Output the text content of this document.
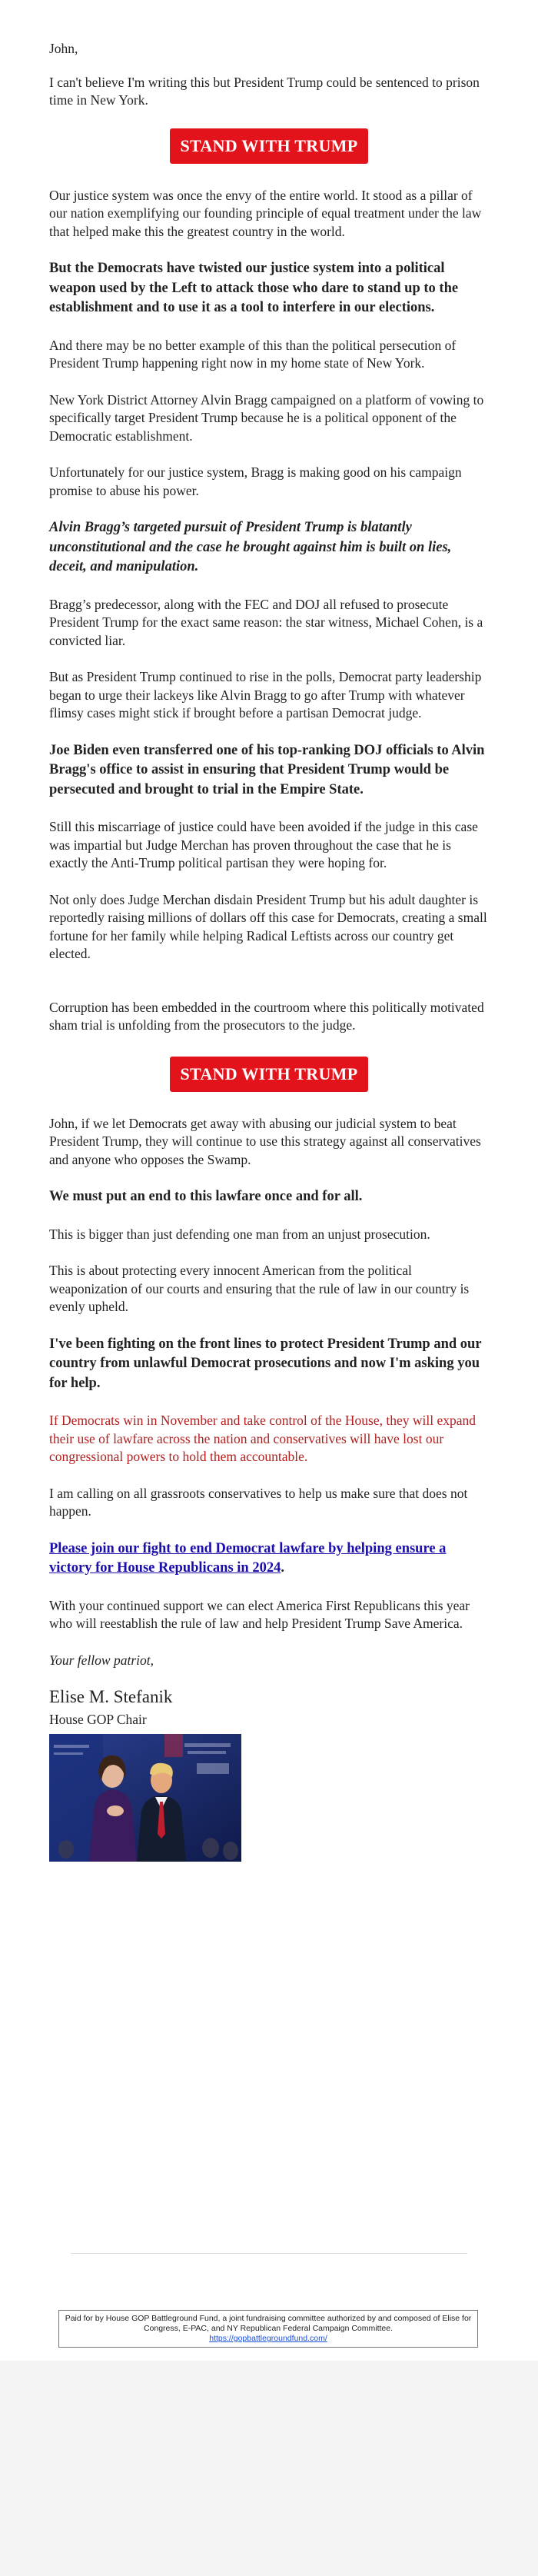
John,

I can't believe I'm writing this but President Trump could be sentenced to prison time in New York.

STAND WITH TRUMP

Our justice system was once the envy of the entire world. It stood as a pillar of our nation exemplifying our founding principle of equal treatment under the law that helped make this the greatest country in the world.

But the Democrats have twisted our justice system into a political weapon used by the Left to attack those who dare to stand up to the establishment and to use it as a tool to interfere in our elections.

And there may be no better example of this than the political persecution of President Trump happening right now in my home state of New York.

New York District Attorney Alvin Bragg campaigned on a platform of vowing to specifically target President Trump because he is a political opponent of the Democratic establishment.

Unfortunately for our justice system, Bragg is making good on his campaign promise to abuse his power.

Alvin Bragg’s targeted pursuit of President Trump is blatantly unconstitutional and the case he brought against him is built on lies, deceit, and manipulation.

Bragg’s predecessor, along with the FEC and DOJ all refused to prosecute President Trump for the exact same reason: the star witness, Michael Cohen, is a convicted liar.

But as President Trump continued to rise in the polls, Democrat party leadership began to urge their lackeys like Alvin Bragg to go after Trump with whatever flimsy cases might stick if brought before a partisan Democrat judge.

Joe Biden even transferred one of his top-ranking DOJ officials to Alvin Bragg's office to assist in ensuring that President Trump would be persecuted and brought to trial in the Empire State.

Still this miscarriage of justice could have been avoided if the judge in this case was impartial but Judge Merchan has proven throughout the case that he is exactly the Anti-Trump political partisan they were hoping for.

Not only does Judge Merchan disdain President Trump but his adult daughter is reportedly raising millions of dollars off this case for Democrats, creating a small fortune for her family while helping Radical Leftists across our country get elected.

Corruption has been embedded in the courtroom where this politically motivated sham trial is unfolding from the prosecutors to the judge.

STAND WITH TRUMP

John, if we let Democrats get away with abusing our judicial system to beat President Trump, they will continue to use this strategy against all conservatives and anyone who opposes the Swamp.

We must put an end to this lawfare once and for all.

This is bigger than just defending one man from an unjust prosecution.

This is about protecting every innocent American from the political weaponization of our courts and ensuring that the rule of law in our country is evenly upheld.

I've been fighting on the front lines to protect President Trump and our country from unlawful Democrat prosecutions and now I'm asking you for help.

If Democrats win in November and take control of the House, they will expand their use of lawfare across the nation and conservatives will have lost our congressional powers to hold them accountable.

I am calling on all grassroots conservatives to help us make sure that does not happen.

Please join our fight to end Democrat lawfare by helping ensure a victory for House Republicans in 2024.

With your continued support we can elect America First Republicans this year who will reestablish the rule of law and help President Trump Save America.

Your fellow patriot,

Elise M. Stefanik

House GOP Chair

Paid for by House GOP Battleground Fund, a joint fundraising committee authorized by and composed of Elise for Congress, E-PAC, and NY Republican Federal Campaign Committee.
https://gopbattlegroundfund.com/
